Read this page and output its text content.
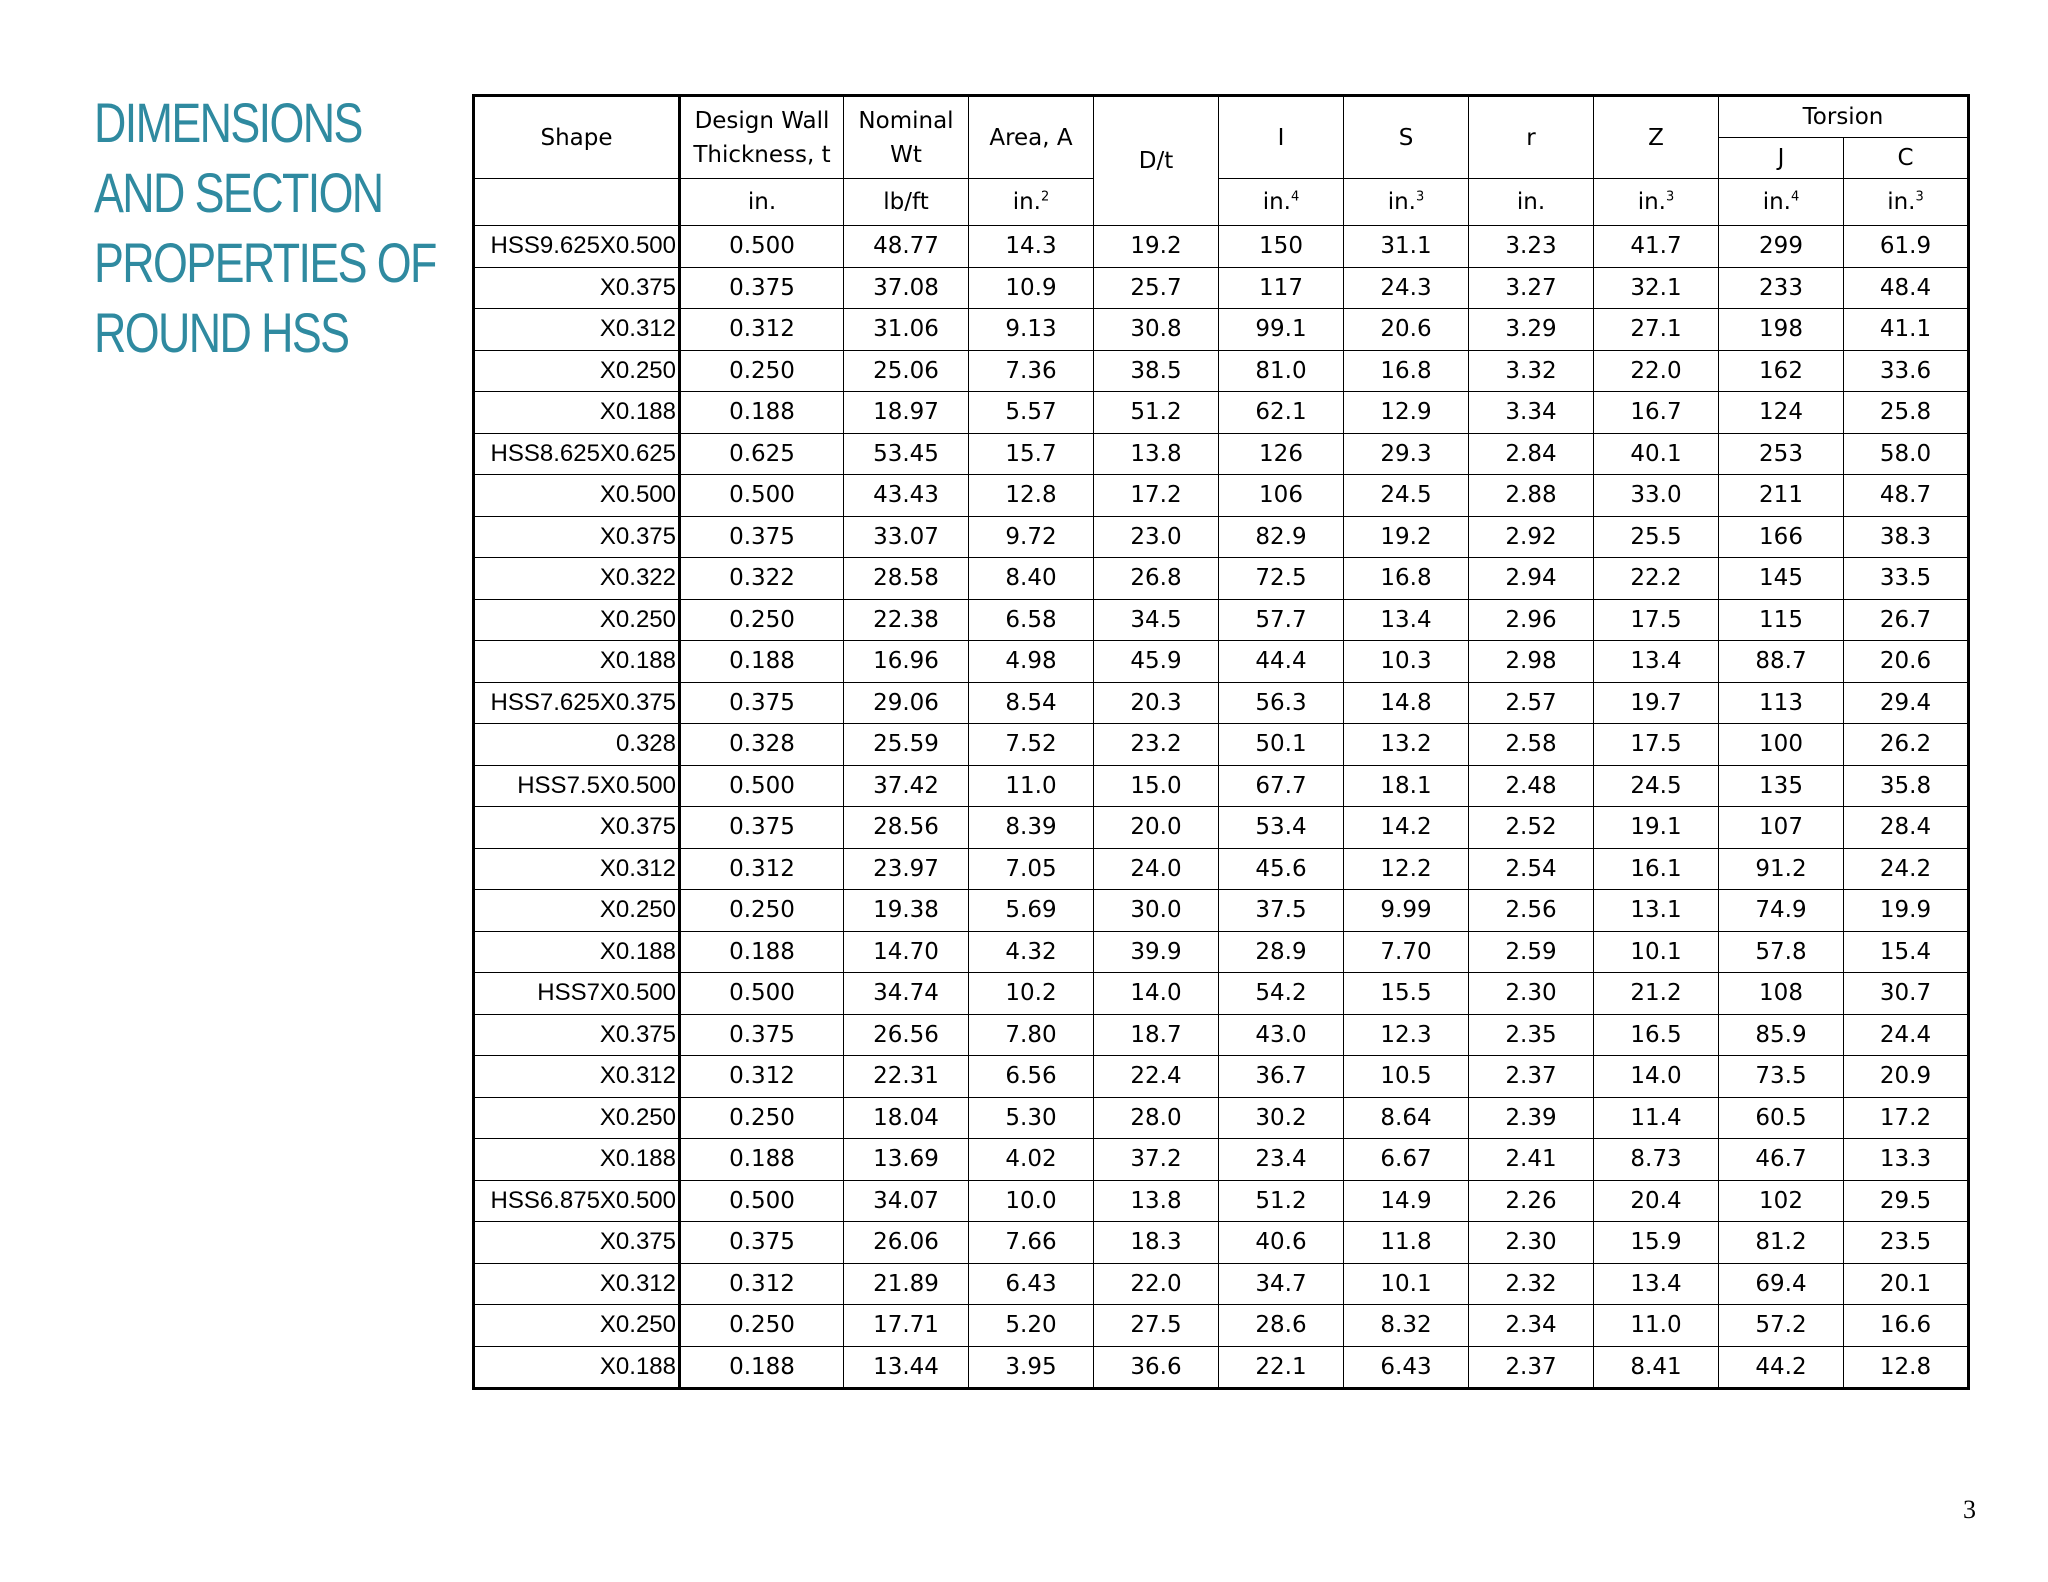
DIMENSIONS
AND SECTION
PROPERTIES OF
ROUND HSS
Shape	Design Wall Thickness, t	Nominal Wt	Area, A	D/t	I	S	r	Z	Torsion	
									J	C
	in.	lb/ft	in.$^2$		in.$^4$	in.$^3$	in.	in.$^3$	in.$^4$	in.$^3$
HSS9.625X0.500	0.500	48.77	14.3	19.2	150	31.1	3.23	41.7	299	61.9
X0.375	0.375	37.08	10.9	25.7	117	24.3	3.27	32.1	233	48.4
X0.312	0.312	31.06	9.13	30.8	99.1	20.6	3.29	27.1	198	41.1
X0.250	0.250	25.06	7.36	38.5	81.0	16.8	3.32	22.0	162	33.6
X0.188	0.188	18.97	5.57	51.2	62.1	12.9	3.34	16.7	124	25.8
HSS8.625X0.625	0.625	53.45	15.7	13.8	126	29.3	2.84	40.1	253	58.0
X0.500	0.500	43.43	12.8	17.2	106	24.5	2.88	33.0	211	48.7
X0.375	0.375	33.07	9.72	23.0	82.9	19.2	2.92	25.5	166	38.3
X0.322	0.322	28.58	8.40	26.8	72.5	16.8	2.94	22.2	145	33.5
X0.250	0.250	22.38	6.58	34.5	57.7	13.4	2.96	17.5	115	26.7
X0.188	0.188	16.96	4.98	45.9	44.4	10.3	2.98	13.4	88.7	20.6
HSS7.625X0.375	0.375	29.06	8.54	20.3	56.3	14.8	2.57	19.7	113	29.4
0.328	0.328	25.59	7.52	23.2	50.1	13.2	2.58	17.5	100	26.2
HSS7.5X0.500	0.500	37.42	11.0	15.0	67.7	18.1	2.48	24.5	135	35.8
X0.375	0.375	28.56	8.39	20.0	53.4	14.2	2.52	19.1	107	28.4
X0.312	0.312	23.97	7.05	24.0	45.6	12.2	2.54	16.1	91.2	24.2
X0.250	0.250	19.38	5.69	30.0	37.5	9.99	2.56	13.1	74.9	19.9
X0.188	0.188	14.70	4.32	39.9	28.9	7.70	2.59	10.1	57.8	15.4
HSS7X0.500	0.500	34.74	10.2	14.0	54.2	15.5	2.30	21.2	108	30.7
X0.375	0.375	26.56	7.80	18.7	43.0	12.3	2.35	16.5	85.9	24.4
X0.312	0.312	22.31	6.56	22.4	36.7	10.5	2.37	14.0	73.5	20.9
X0.250	0.250	18.04	5.30	28.0	30.2	8.64	2.39	11.4	60.5	17.2
X0.188	0.188	13.69	4.02	37.2	23.4	6.67	2.41	8.73	46.7	13.3
HSS6.875X0.500	0.500	34.07	10.0	13.8	51.2	14.9	2.26	20.4	102	29.5
X0.375	0.375	26.06	7.66	18.3	40.6	11.8	2.30	15.9	81.2	23.5
X0.312	0.312	21.89	6.43	22.0	34.7	10.1	2.32	13.4	69.4	20.1
X0.250	0.250	17.71	5.20	27.5	28.6	8.32	2.34	11.0	57.2	16.6
X0.188	0.188	13.44	3.95	36.6	22.1	6.43	2.37	8.41	44.2	12.8
3
